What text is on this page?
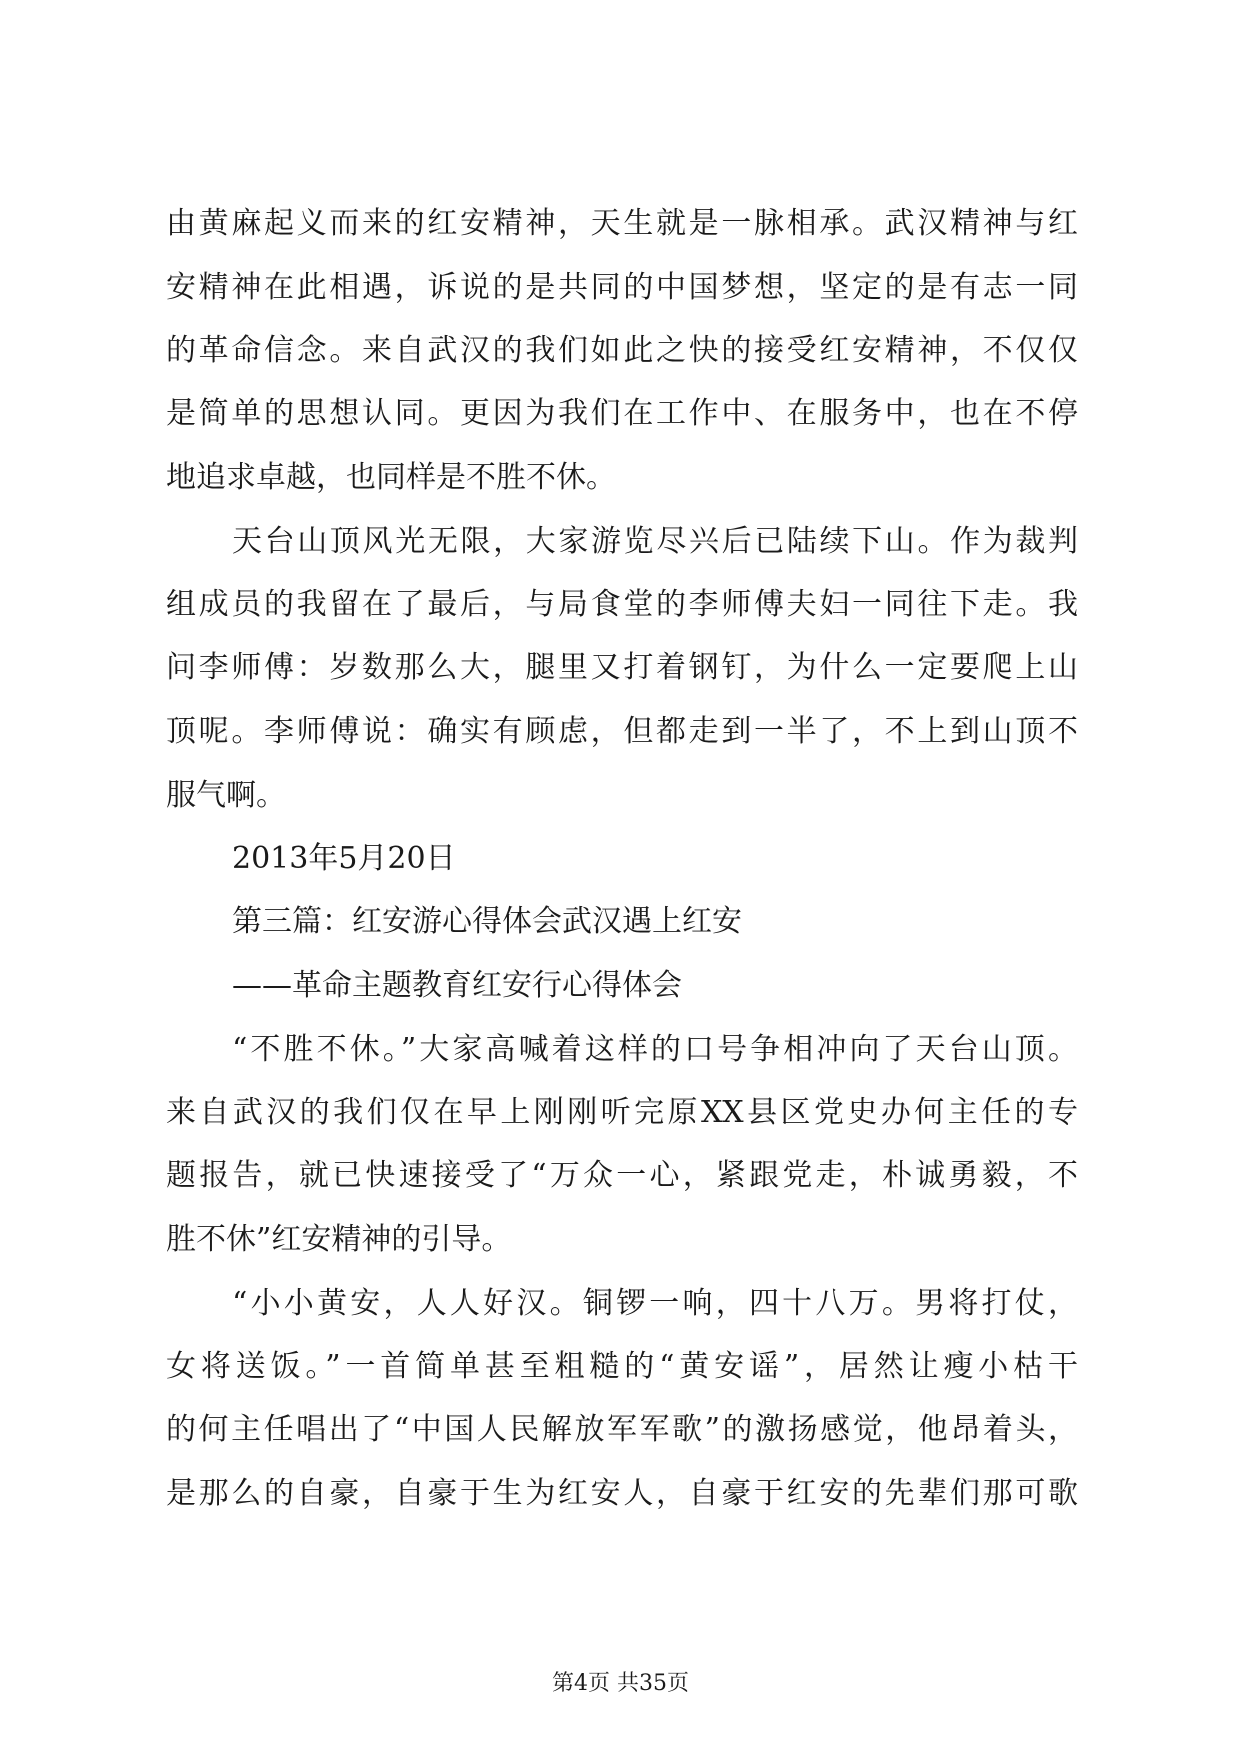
由黄麻起义而来的红安精神，天生就是一脉相承。武汉精神与红
安精神在此相遇，诉说的是共同的中国梦想，坚定的是有志一同
的革命信念。来自武汉的我们如此之快的接受红安精神，不仅仅
是简单的思想认同。更因为我们在工作中、在服务中，也在不停
地追求卓越，也同样是不胜不休。
天台山顶风光无限，大家游览尽兴后已陆续下山。作为裁判
组成员的我留在了最后，与局食堂的李师傅夫妇一同往下走。我
问李师傅：岁数那么大，腿里又打着钢钉，为什么一定要爬上山
顶呢。李师傅说：确实有顾虑，但都走到一半了，不上到山顶不
服气啊。
2013年5月20日
第三篇：红安游心得体会武汉遇上红安
——革命主题教育红安行心得体会
“不胜不休。”大家高喊着这样的口号争相冲向了天台山顶。
来自武汉的我们仅在早上刚刚听完原XX县区党史办何主任的专
题报告，就已快速接受了“万众一心，紧跟党走，朴诚勇毅，不
胜不休”红安精神的引导。
“小小黄安，人人好汉。铜锣一响，四十八万。男将打仗，
女将送饭。”一首简单甚至粗糙的“黄安谣”，居然让瘦小枯干
的何主任唱出了“中国人民解放军军歌”的激扬感觉，他昂着头，
是那么的自豪，自豪于生为红安人，自豪于红安的先辈们那可歌
第4页 共35页
